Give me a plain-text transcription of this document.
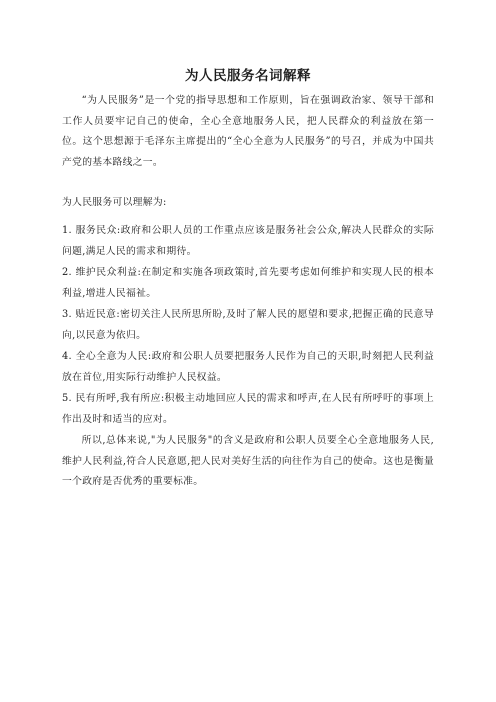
为人民服务名词解释

“为人民服务”是一个党的指导思想和工作原则，旨在强调政治家、领导干部和工作人员要牢记自己的使命，全心全意地服务人民，把人民群众的利益放在第一位。这个思想源于毛泽东主席提出的“全心全意为人民服务”的号召，并成为中国共产党的基本路线之一。

为人民服务可以理解为:

1. 服务民众:政府和公职人员的工作重点应该是服务社会公众,解决人民群众的实际问题,满足人民的需求和期待。

2. 维护民众利益:在制定和实施各项政策时,首先要考虑如何维护和实现人民的根本利益,增进人民福祉。

3. 贴近民意:密切关注人民所思所盼,及时了解人民的愿望和要求,把握正确的民意导向,以民意为依归。

4. 全心全意为人民:政府和公职人员要把服务人民作为自己的天职,时刻把人民利益放在首位,用实际行动维护人民权益。

5. 民有所呼,我有所应:积极主动地回应人民的需求和呼声,在人民有所呼吁的事项上作出及时和适当的应对。

所以,总体来说,"为人民服务"的含义是政府和公职人员要全心全意地服务人民,维护人民利益,符合人民意愿,把人民对美好生活的向往作为自己的使命。这也是衡量一个政府是否优秀的重要标准。
